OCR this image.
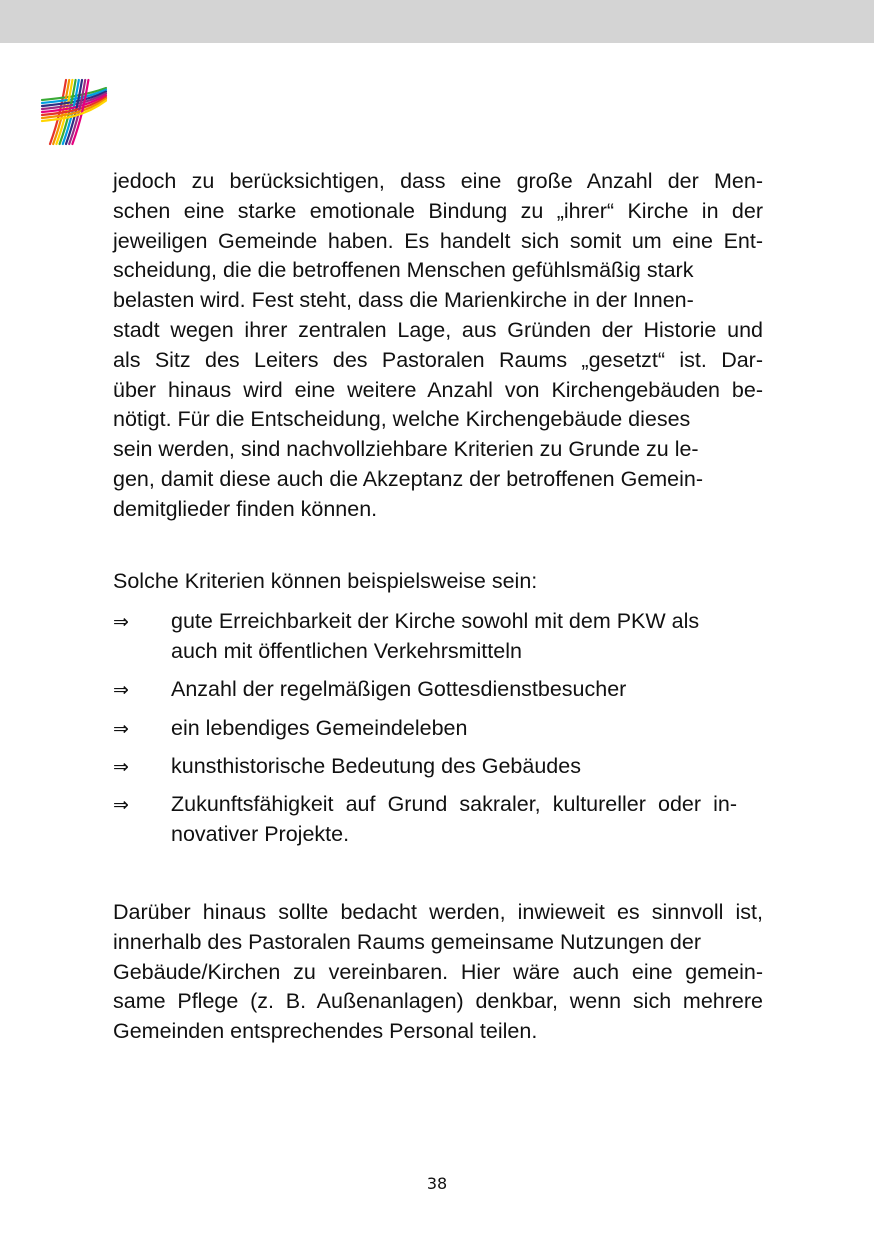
jedoch zu berücksichtigen, dass eine große Anzahl der Men-
schen eine starke emotionale Bindung zu „ihrer“ Kirche in der
jeweiligen Gemeinde haben. Es handelt sich somit um eine Ent-
scheidung, die die betroffenen Menschen gefühlsmäßig stark
belasten wird. Fest steht, dass die Marienkirche in der Innen-
stadt wegen ihrer zentralen Lage, aus Gründen der Historie und
als Sitz des Leiters des Pastoralen Raums „gesetzt“ ist. Dar-
über hinaus wird eine weitere Anzahl von Kirchengebäuden be-
nötigt. Für die Entscheidung, welche Kirchengebäude dieses
sein werden, sind nachvollziehbare Kriterien zu Grunde zu le-
gen, damit diese auch die Akzeptanz der betroffenen Gemein-
demitglieder finden können.
Solche Kriterien können beispielsweise sein:
⇒ gute Erreichbarkeit der Kirche sowohl mit dem PKW als
auch mit öffentlichen Verkehrsmitteln
⇒ Anzahl der regelmäßigen Gottesdienstbesucher
⇒ ein lebendiges Gemeindeleben
⇒ kunsthistorische Bedeutung des Gebäudes
⇒ Zukunftsfähigkeit auf Grund sakraler, kultureller oder in-
novativer Projekte.
Darüber hinaus sollte bedacht werden, inwieweit es sinnvoll ist,
innerhalb des Pastoralen Raums gemeinsame Nutzungen der
Gebäude/Kirchen zu vereinbaren. Hier wäre auch eine gemein-
same Pflege (z. B. Außenanlagen) denkbar, wenn sich mehrere
Gemeinden entsprechendes Personal teilen.
38
